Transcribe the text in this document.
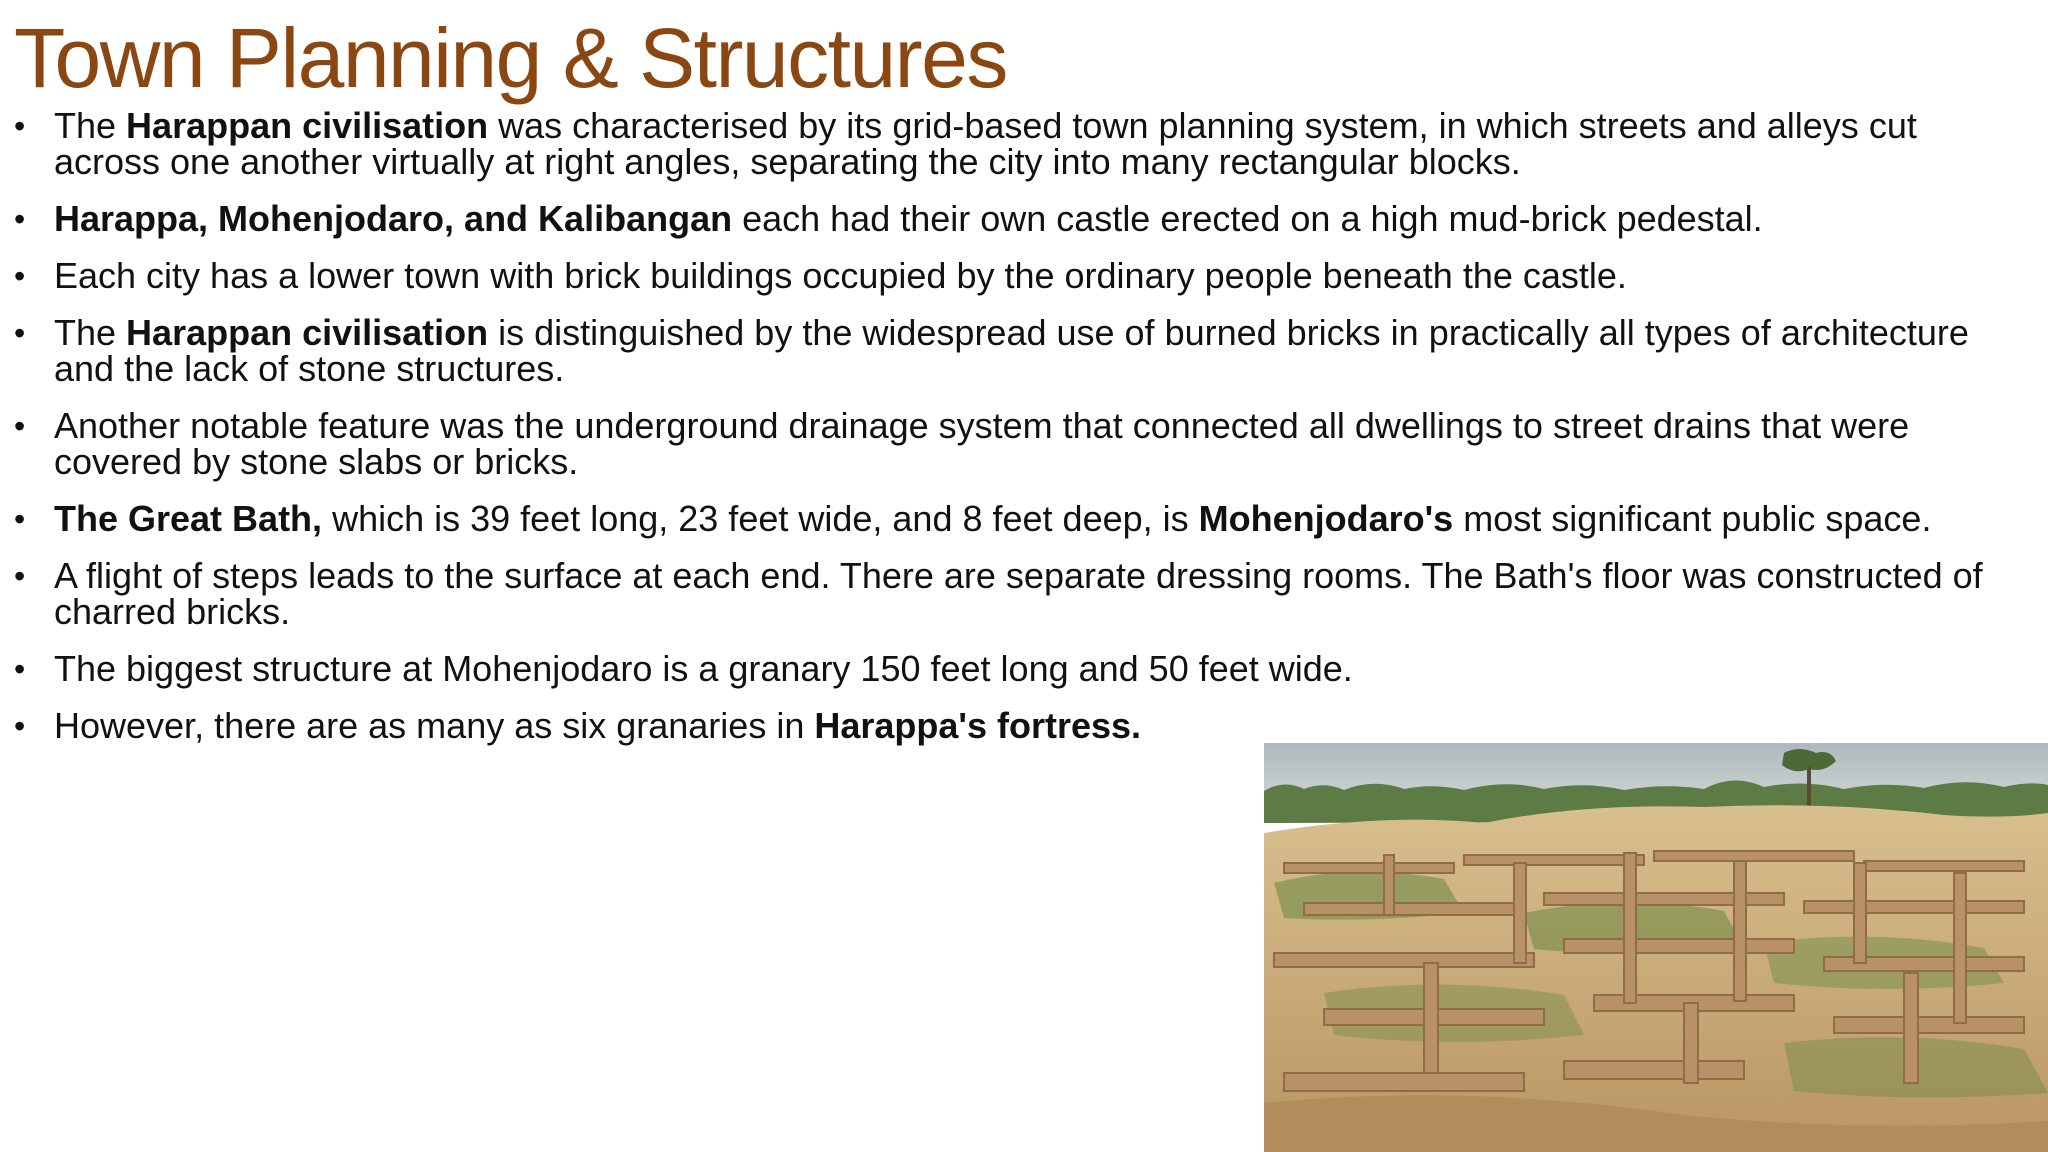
Town Planning & Structures
• The Harappan civilisation was characterised by its grid-based town planning system, in which streets and alleys cut across one another virtually at right angles, separating the city into many rectangular blocks.
• Harappa, Mohenjodaro, and Kalibangan each had their own castle erected on a high mud-brick pedestal.
• Each city has a lower town with brick buildings occupied by the ordinary people beneath the castle.
• The Harappan civilisation is distinguished by the widespread use of burned bricks in practically all types of architecture and the lack of stone structures.
• Another notable feature was the underground drainage system that connected all dwellings to street drains that were covered by stone slabs or bricks.
• The Great Bath, which is 39 feet long, 23 feet wide, and 8 feet deep, is Mohenjodaro's most significant public space.
• A flight of steps leads to the surface at each end. There are separate dressing rooms. The Bath's floor was constructed of charred bricks.
• The biggest structure at Mohenjodaro is a granary 150 feet long and 50 feet wide.
• However, there are as many as six granaries in Harappa's fortress.
